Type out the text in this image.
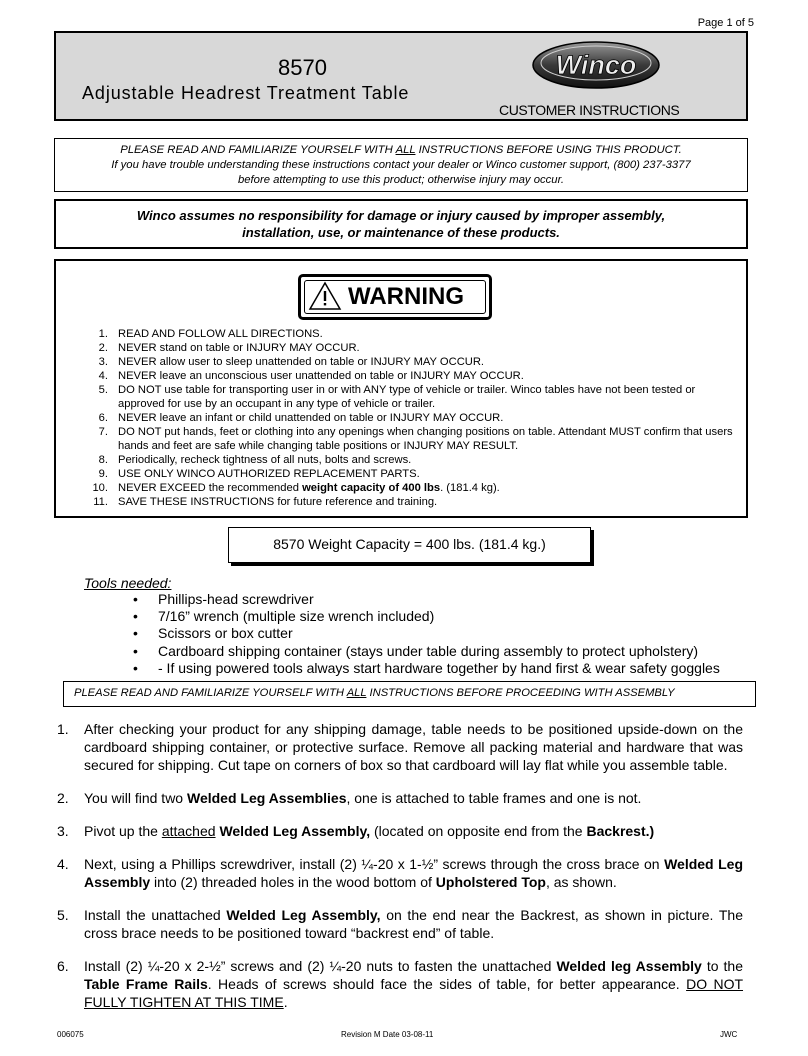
Page 1 of 5
8570
Adjustable Headrest Treatment Table
Winco
CUSTOMER INSTRUCTIONS
PLEASE READ AND FAMILIARIZE YOURSELF WITH ALL INSTRUCTIONS BEFORE USING THIS PRODUCT.
If you have trouble understanding these instructions contact your dealer or Winco customer support, (800) 237-3377
before attempting to use this product; otherwise injury may occur.
Winco assumes no responsibility for damage or injury caused by improper assembly,
installation, use, or maintenance of these products.
WARNING
1. READ AND FOLLOW ALL DIRECTIONS.
2. NEVER stand on table or INJURY MAY OCCUR.
3. NEVER allow user to sleep unattended on table or INJURY MAY OCCUR.
4. NEVER leave an unconscious user unattended on table or INJURY MAY OCCUR.
5. DO NOT use table for transporting user in or with ANY type of vehicle or trailer. Winco tables have not been tested or approved for use by an occupant in any type of vehicle or trailer.
6. NEVER leave an infant or child unattended on table or INJURY MAY OCCUR.
7. DO NOT put hands, feet or clothing into any openings when changing positions on table. Attendant MUST confirm that users hands and feet are safe while changing table positions or INJURY MAY RESULT.
8. Periodically, recheck tightness of all nuts, bolts and screws.
9. USE ONLY WINCO AUTHORIZED REPLACEMENT PARTS.
10. NEVER EXCEED the recommended weight capacity of 400 lbs. (181.4 kg).
11. SAVE THESE INSTRUCTIONS for future reference and training.
8570 Weight Capacity = 400 lbs. (181.4 kg.)
Tools needed:
• Phillips-head screwdriver
• 7/16” wrench (multiple size wrench included)
• Scissors or box cutter
• Cardboard shipping container (stays under table during assembly to protect upholstery)
• - If using powered tools always start hardware together by hand first & wear safety goggles
PLEASE READ AND FAMILIARIZE YOURSELF WITH ALL INSTRUCTIONS BEFORE PROCEEDING WITH ASSEMBLY
1. After checking your product for any shipping damage, table needs to be positioned upside-down on the cardboard shipping container, or protective surface. Remove all packing material and hardware that was secured for shipping. Cut tape on corners of box so that cardboard will lay flat while you assemble table.
2. You will find two Welded Leg Assemblies, one is attached to table frames and one is not.
3. Pivot up the attached Welded Leg Assembly, (located on opposite end from the Backrest.)
4. Next, using a Phillips screwdriver, install (2) ¼-20 x 1-½” screws through the cross brace on Welded Leg Assembly into (2) threaded holes in the wood bottom of Upholstered Top, as shown.
5. Install the unattached Welded Leg Assembly, on the end near the Backrest, as shown in picture. The cross brace needs to be positioned toward “backrest end” of table.
6. Install (2) ¼-20 x 2-½” screws and (2) ¼-20 nuts to fasten the unattached Welded leg Assembly to the Table Frame Rails. Heads of screws should face the sides of table, for better appearance. DO NOT FULLY TIGHTEN AT THIS TIME.
006075	Revision M Date 03-08-11	JWC
